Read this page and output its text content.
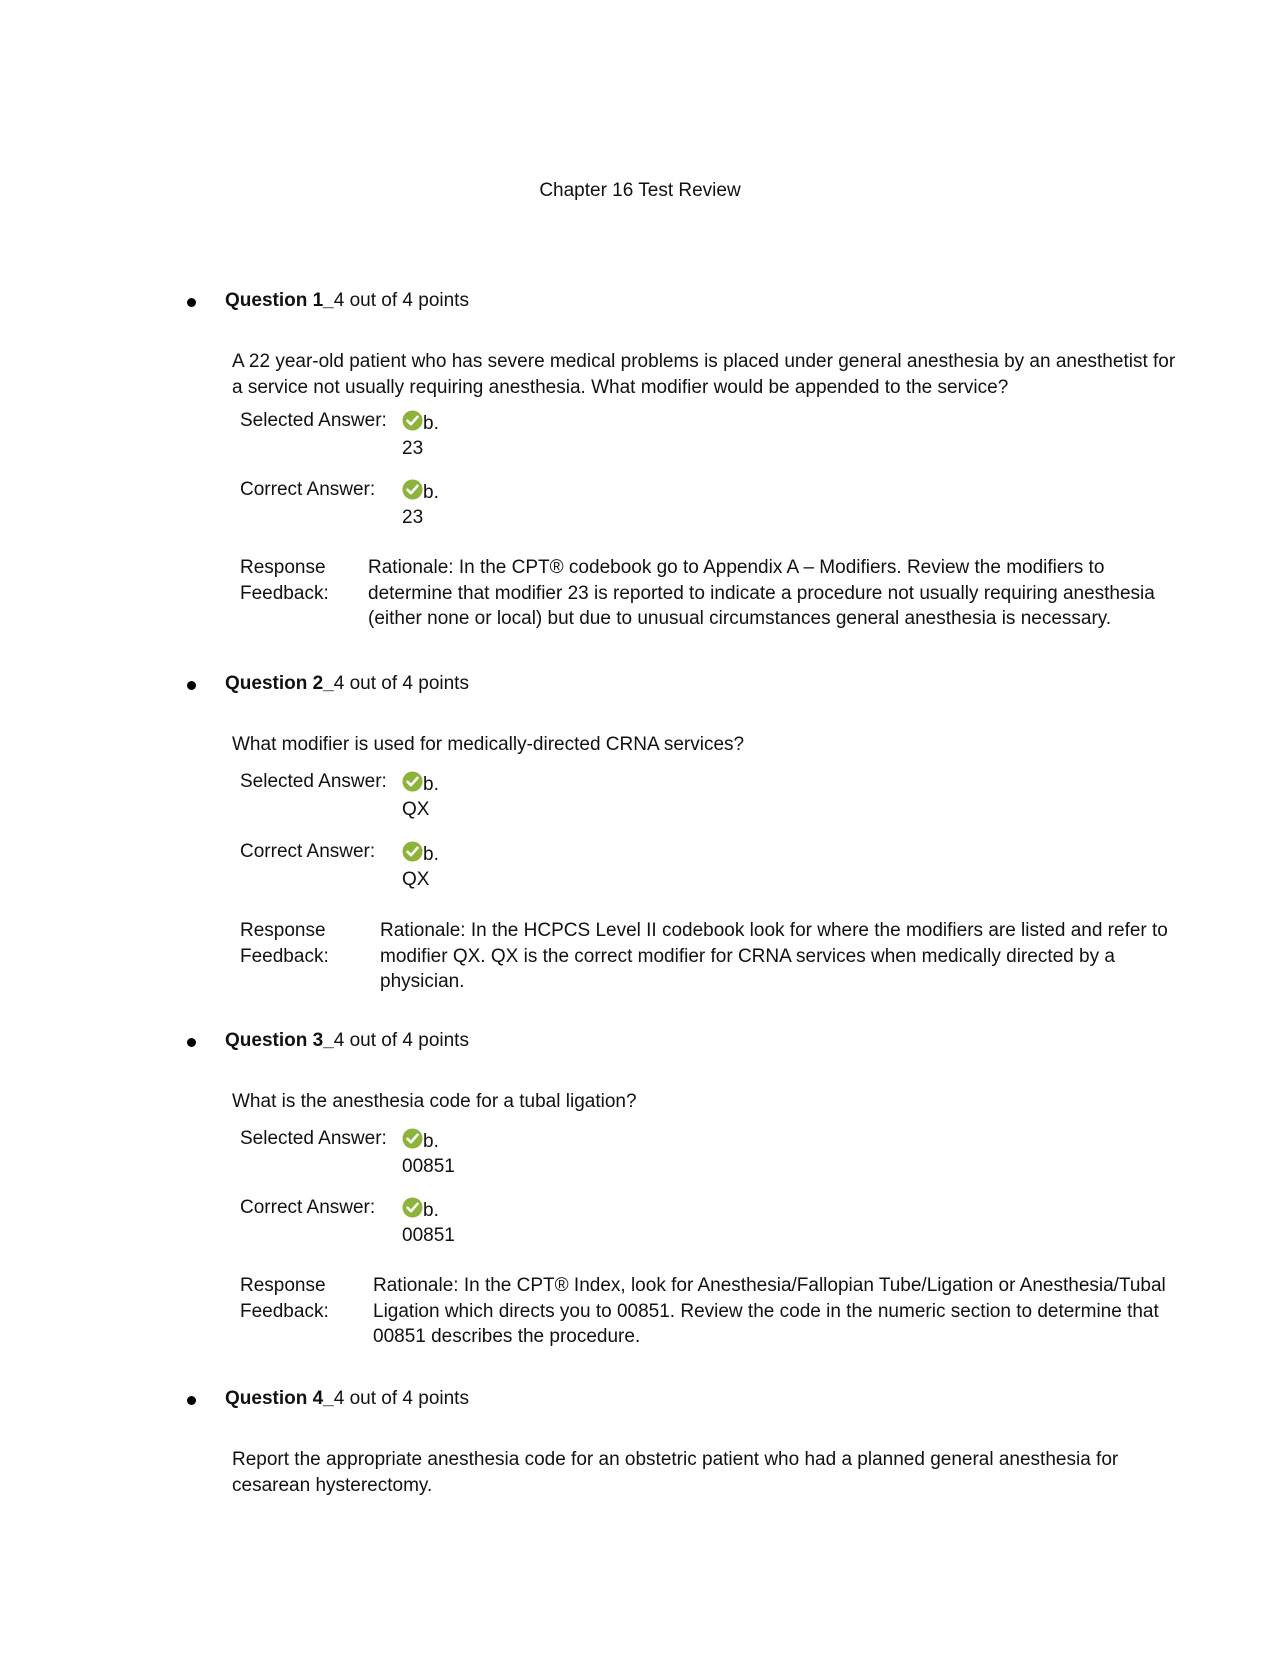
Chapter 16 Test Review
Question 1_4 out of 4 points
A 22 year-old patient who has severe medical problems is placed under general anesthesia by an anesthetist for a service not usually requiring anesthesia. What modifier would be appended to the service?
Selected Answer: b.
23
Correct Answer:	b.
23
Response
Feedback:
Rationale: In the CPT® codebook go to Appendix A – Modifiers. Review the modifiers to determine that modifier 23 is reported to indicate a procedure not usually requiring anesthesia (either none or local) but due to unusual circumstances general anesthesia is necessary.
Question 2_4 out of 4 points
What modifier is used for medically-directed CRNA services?
Selected Answer: b.
QX
Correct Answer:	b.
QX
Response
Feedback:
Rationale: In the HCPCS Level II codebook look for where the modifiers are listed and refer to modifier QX. QX is the correct modifier for CRNA services when medically directed by a physician.
Question 3_4 out of 4 points
What is the anesthesia code for a tubal ligation?
Selected Answer: b.
00851
Correct Answer:	b.
00851
Response
Feedback:
Rationale: In the CPT® Index, look for Anesthesia/Fallopian Tube/Ligation or Anesthesia/Tubal Ligation which directs you to 00851. Review the code in the numeric section to determine that 00851 describes the procedure.
Question 4_4 out of 4 points
Report the appropriate anesthesia code for an obstetric patient who had a planned general anesthesia for cesarean hysterectomy.
